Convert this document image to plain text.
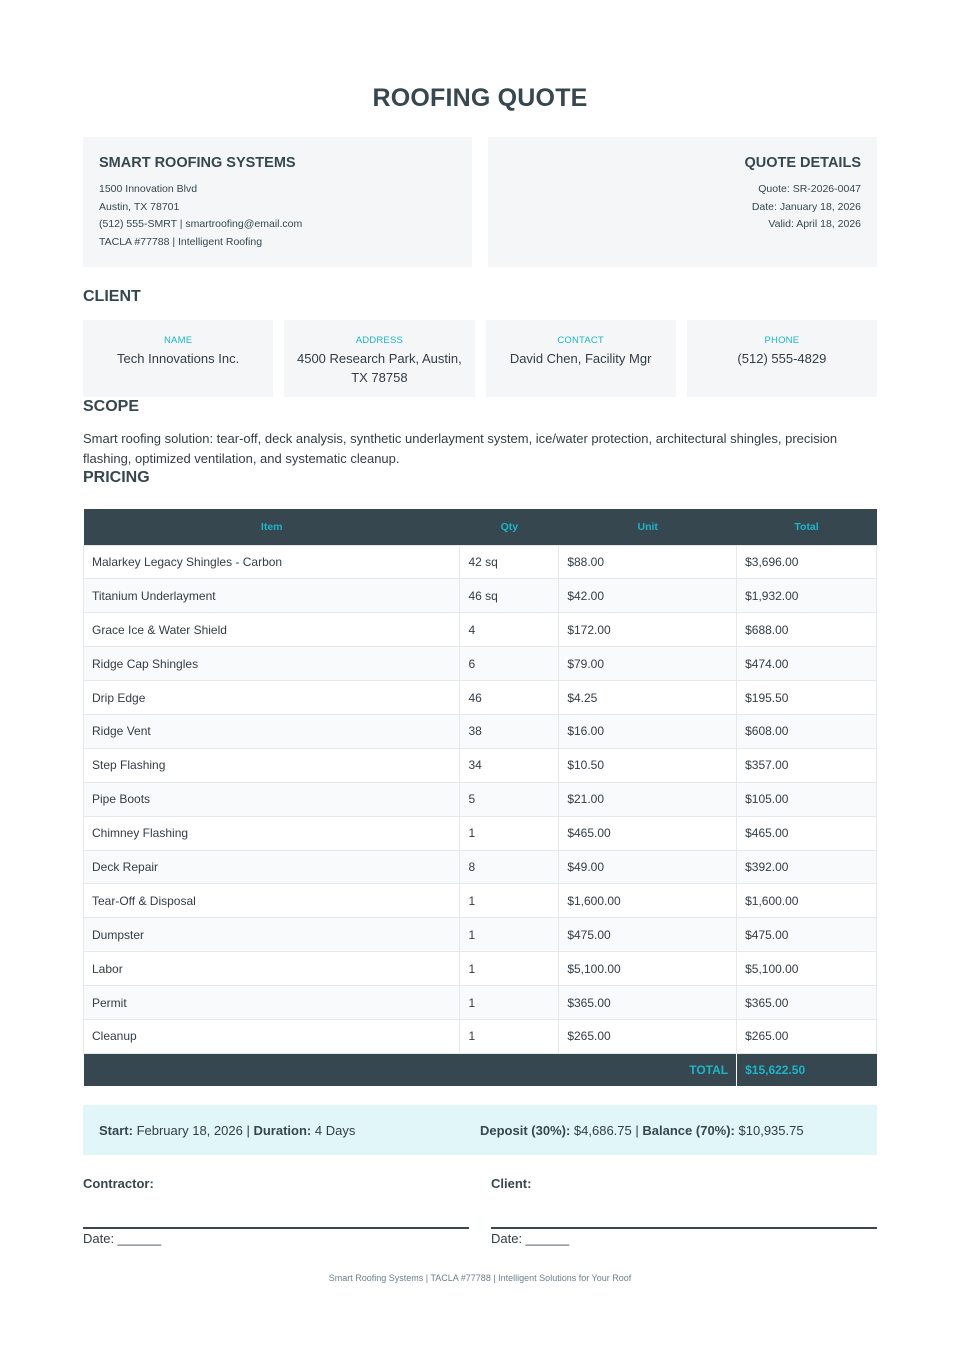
ROOFING QUOTE
SMART ROOFING SYSTEMS
1500 Innovation Blvd
Austin, TX 78701
(512) 555-SMRT | smartroofing@email.com
TACLA #77788 | Intelligent Roofing
QUOTE DETAILS
Quote: SR-2026-0047
Date: January 18, 2026
Valid: April 18, 2026
CLIENT
NAME
Tech Innovations Inc.
ADDRESS
4500 Research Park, Austin, TX 78758
CONTACT
David Chen, Facility Mgr
PHONE
(512) 555-4829
SCOPE

Smart roofing solution: tear-off, deck analysis, synthetic underlayment system, ice/water protection, architectural shingles, precision flashing, optimized ventilation, and systematic cleanup.

PRICING
Item	Qty	Unit	Total
Malarkey Legacy Shingles - Carbon	42 sq	$88.00	$3,696.00
Titanium Underlayment	46 sq	$42.00	$1,932.00
Grace Ice & Water Shield	4	$172.00	$688.00
Ridge Cap Shingles	6	$79.00	$474.00
Drip Edge	46	$4.25	$195.50
Ridge Vent	38	$16.00	$608.00
Step Flashing	34	$10.50	$357.00
Pipe Boots	5	$21.00	$105.00
Chimney Flashing	1	$465.00	$465.00
Deck Repair	8	$49.00	$392.00
Tear-Off & Disposal	1	$1,600.00	$1,600.00
Dumpster	1	$475.00	$475.00
Labor	1	$5,100.00	$5,100.00
Permit	1	$365.00	$365.00
Cleanup	1	$265.00	$265.00
TOTAL			$15,622.50
Start: February 18, 2026 | Duration: 4 Days	Deposit (30%): $4,686.75 | Balance (70%): $10,935.75
Contractor:
Date: ______
Client:
Date: ______
Smart Roofing Systems | TACLA #77788 | Intelligent Solutions for Your Roof
